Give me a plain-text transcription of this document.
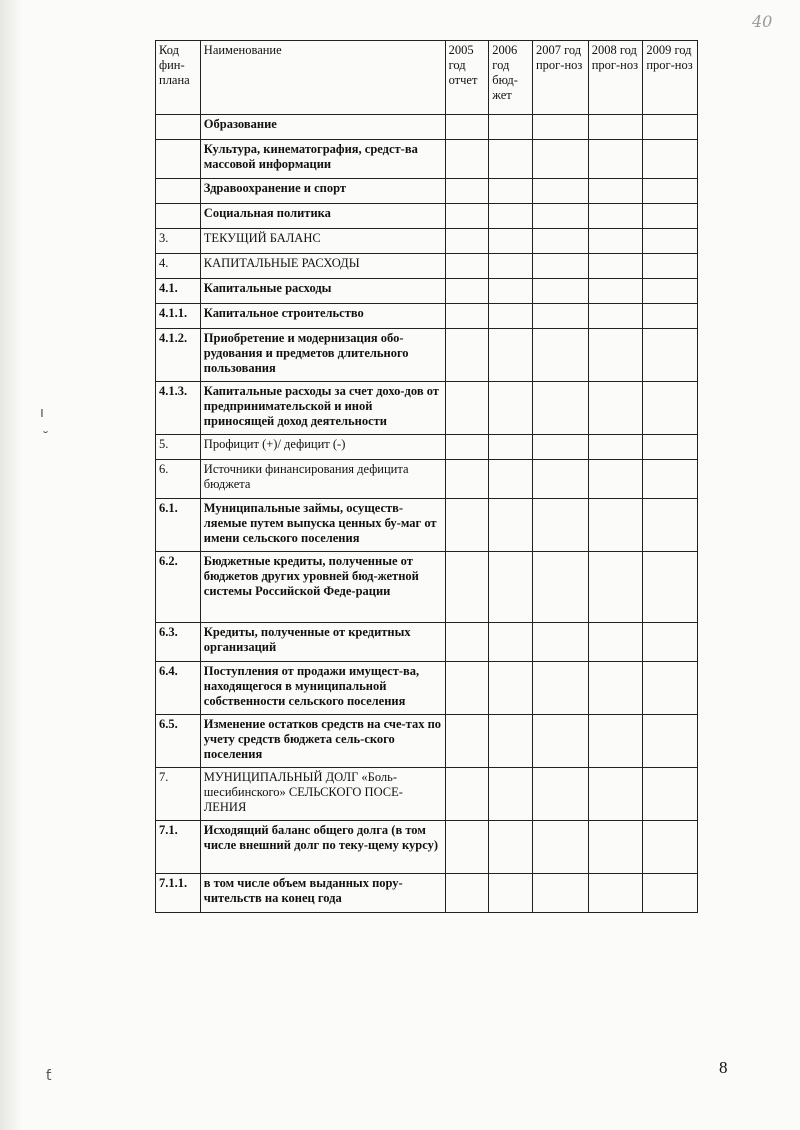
40
ı
˘
ƭ
Код фин-плана	Наименование	2005 год отчет	2006 год бюд-жет	2007 год прог-ноз	2008 год прог-ноз	2009 год прог-ноз
	Образование					
	Культура, кинематография, средст-ва массовой информации					
	Здравоохранение и спорт					
	Социальная политика					
3.	ТЕКУЩИЙ БАЛАНС					
4.	КАПИТАЛЬНЫЕ РАСХОДЫ					
4.1.	Капитальные расходы					
4.1.1.	Капитальное строительство					
4.1.2.	Приобретение и модернизация обо-рудования и предметов длительного пользования					
4.1.3.	Капитальные расходы за счет дохо-дов от предпринимательской и иной приносящей доход деятельности					
5.	Профицит (+)/ дефицит (-)					
6.	Источники финансирования дефицита бюджета					
6.1.	Муниципальные займы, осуществ-ляемые путем выпуска ценных бу-маг от имени сельского поселения					
6.2.	Бюджетные кредиты, полученные от бюджетов других уровней бюд-жетной системы Российской Феде-рации					
6.3.	Кредиты, полученные от кредитных организаций					
6.4.	Поступления от продажи имущест-ва, находящегося в муниципальной собственности сельского поселения					
6.5.	Изменение остатков средств на сче-тах по учету средств бюджета сель-ского поселения					
7.	МУНИЦИПАЛЬНЫЙ ДОЛГ «Боль-шесибинского» СЕЛЬСКОГО ПОСЕ-ЛЕНИЯ					
7.1.	Исходящий баланс общего долга (в том числе внешний долг по теку-щему курсу)					
7.1.1.	в том числе объем выданных пору-чительств на конец года					
8
